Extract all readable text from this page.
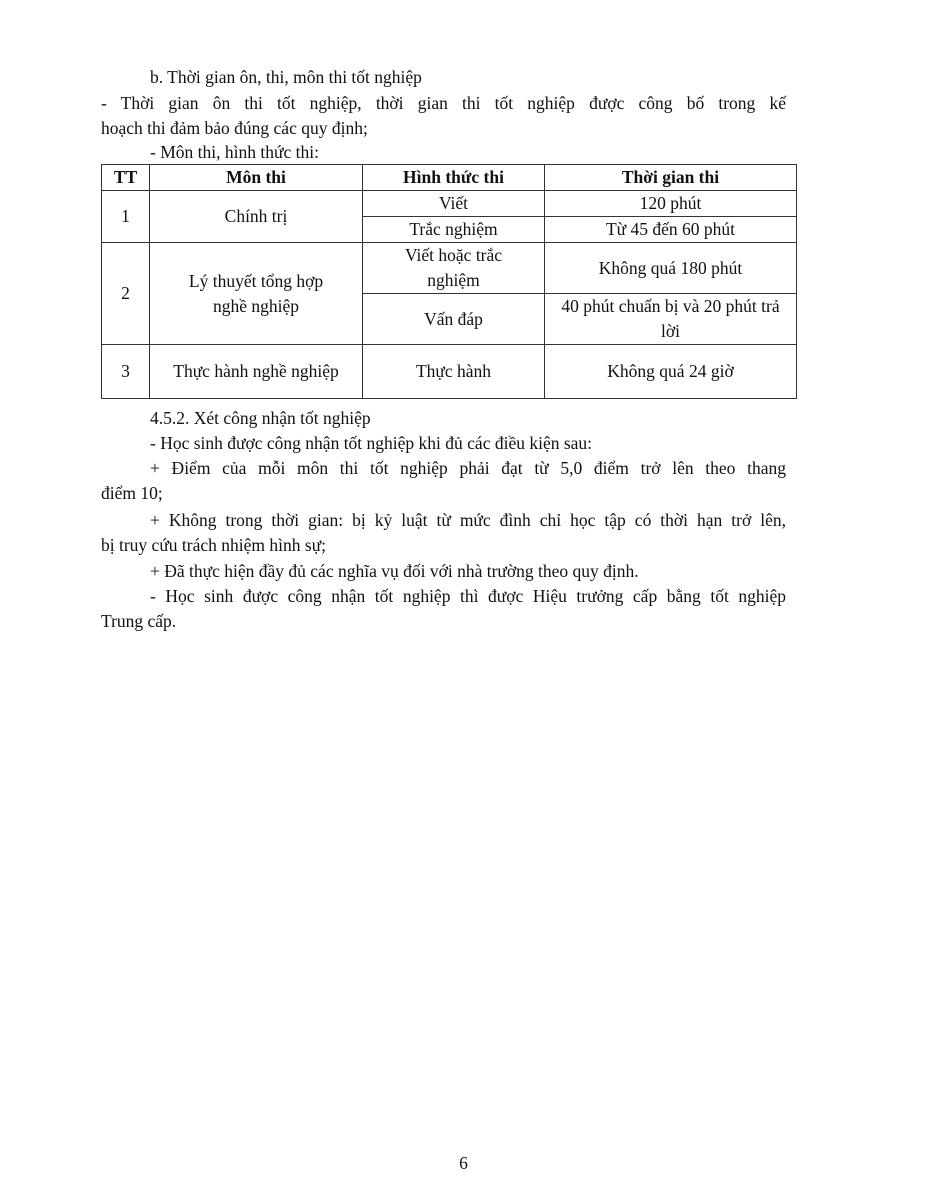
b. Thời gian ôn, thi, môn thi tốt nghiệp
- Thời gian ôn thi tốt nghiệp, thời gian thi tốt nghiệp được công bố trong kế
hoạch thi đảm bảo đúng các quy định;
- Môn thi, hình thức thi:
TT	Môn thi	Hình thức thi	Thời gian thi
1	Chính trị	Viết	120 phút
		Trắc nghiệm	Từ 45 đến 60 phút
2	Lý thuyết tổng hợp nghề nghiệp	Viết hoặc trắc nghiệm	Không quá 180 phút
		Vấn đáp	40 phút chuẩn bị và 20 phút trả lời
3	Thực hành nghề nghiệp	Thực hành	Không quá 24 giờ
4.5.2. Xét công nhận tốt nghiệp
- Học sinh được công nhận tốt nghiệp khi đủ các điều kiện sau:
+ Điểm của mỗi môn thi tốt nghiệp phải đạt từ 5,0 điểm trở lên theo thang
điểm 10;
+ Không trong thời gian: bị kỷ luật từ mức đình chỉ học tập có thời hạn trở lên,
bị truy cứu trách nhiệm hình sự;
+ Đã thực hiện đầy đủ các nghĩa vụ đối với nhà trường theo quy định.
- Học sinh được công nhận tốt nghiệp thì được Hiệu trưởng cấp bằng tốt nghiệp
Trung cấp.
6
